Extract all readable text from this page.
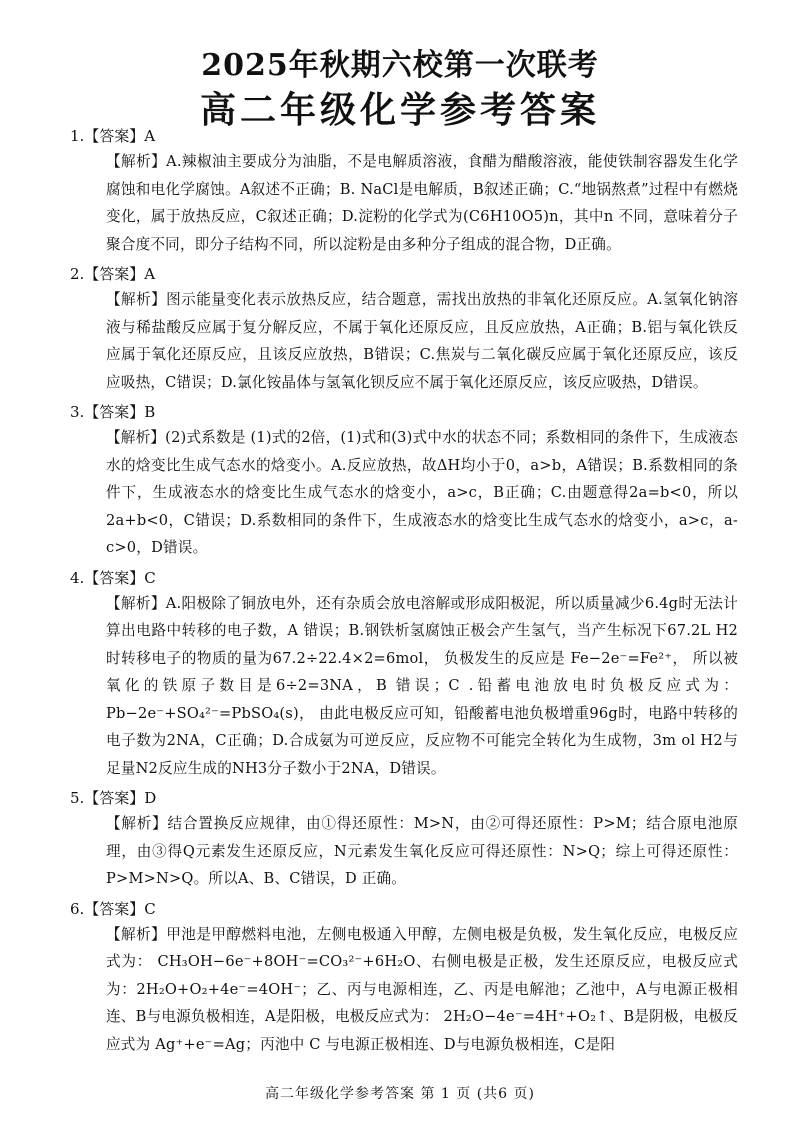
2025年秋期六校第一次联考
高二年级化学参考答案
1.【答案】A
【解析】A.辣椒油主要成分为油脂，不是电解质溶液，食醋为醋酸溶液，能使铁制容器发生化学腐蚀和电化学腐蚀。A叙述不正确；B. NaCl是电解质，B叙述正确；C.“地锅熬煮”过程中有燃烧变化，属于放热反应，C叙述正确；D.淀粉的化学式为(C6H10O5)n，其中n 不同，意味着分子聚合度不同，即分子结构不同，所以淀粉是由多种分子组成的混合物，D正确。
2.【答案】A
【解析】图示能量变化表示放热反应，结合题意，需找出放热的非氧化还原反应。A.氢氧化钠溶液与稀盐酸反应属于复分解反应，不属于氧化还原反应，且反应放热，A正确；B.铝与氧化铁反应属于氧化还原反应，且该反应放热，B错误；C.焦炭与二氧化碳反应属于氧化还原反应，该反应吸热，C错误；D.氯化铵晶体与氢氧化钡反应不属于氧化还原反应，该反应吸热，D错误。
3.【答案】B
【解析】(2)式系数是 (1)式的2倍，(1)式和(3)式中水的状态不同；系数相同的条件下，生成液态水的焓变比生成气态水的焓变小。A.反应放热，故ΔH均小于0，a>b，A错误；B.系数相同的条件下，生成液态水的焓变比生成气态水的焓变小，a>c，B正确；C.由题意得2a=b<0，所以2a+b<0，C错误；D.系数相同的条件下，生成液态水的焓变比生成气态水的焓变小，a>c，a-c>0，D错误。
4.【答案】C
【解析】A.阳极除了铜放电外，还有杂质会放电溶解或形成阳极泥，所以质量减少6.4g时无法计算出电路中转移的电子数，A 错误；B.钢铁析氢腐蚀正极会产生氢气，当产生标况下67.2L H2时转移电子的物质的量为67.2÷22.4×2=6mol， 负极发生的反应是 Fe−2e⁻=Fe²⁺， 所以被氧化的铁原子数目是6÷2=3NA，B 错误；C .铅蓄电池放电时负极反应式为： Pb−2e⁻+SO₄²⁻=PbSO₄(s)， 由此电极反应可知，铅酸蓄电池负极增重96g时，电路中转移的电子数为2NA，C正确；D.合成氨为可逆反应，反应物不可能完全转化为生成物，3m ol H2与足量N2反应生成的NH3分子数小于2NA，D错误。
5.【答案】D
【解析】结合置换反应规律，由①得还原性：M>N，由②可得还原性：P>M；结合原电池原理，由③得Q元素发生还原反应，N元素发生氧化反应可得还原性：N>Q；综上可得还原性：P>M>N>Q。所以A、B、C错误，D 正确。
6.【答案】C
【解析】甲池是甲醇燃料电池，左侧电极通入甲醇，左侧电极是负极，发生氧化反应，电极反应式为： CH₃OH−6e⁻+8OH⁻=CO₃²⁻+6H₂O、右侧电极是正极，发生还原反应，电极反应式为：2H₂O+O₂+4e⁻=4OH⁻；乙、丙与电源相连，乙、丙是电解池；乙池中，A与电源正极相连、B与电源负极相连，A是阳极，电极反应式为： 2H₂O−4e⁻=4H⁺+O₂↑、B是阴极，电极反应式为 Ag⁺+e⁻=Ag；丙池中 C 与电源正极相连、D与电源负极相连，C是阳
高二年级化学参考答案 第 1 页 (共6 页)
